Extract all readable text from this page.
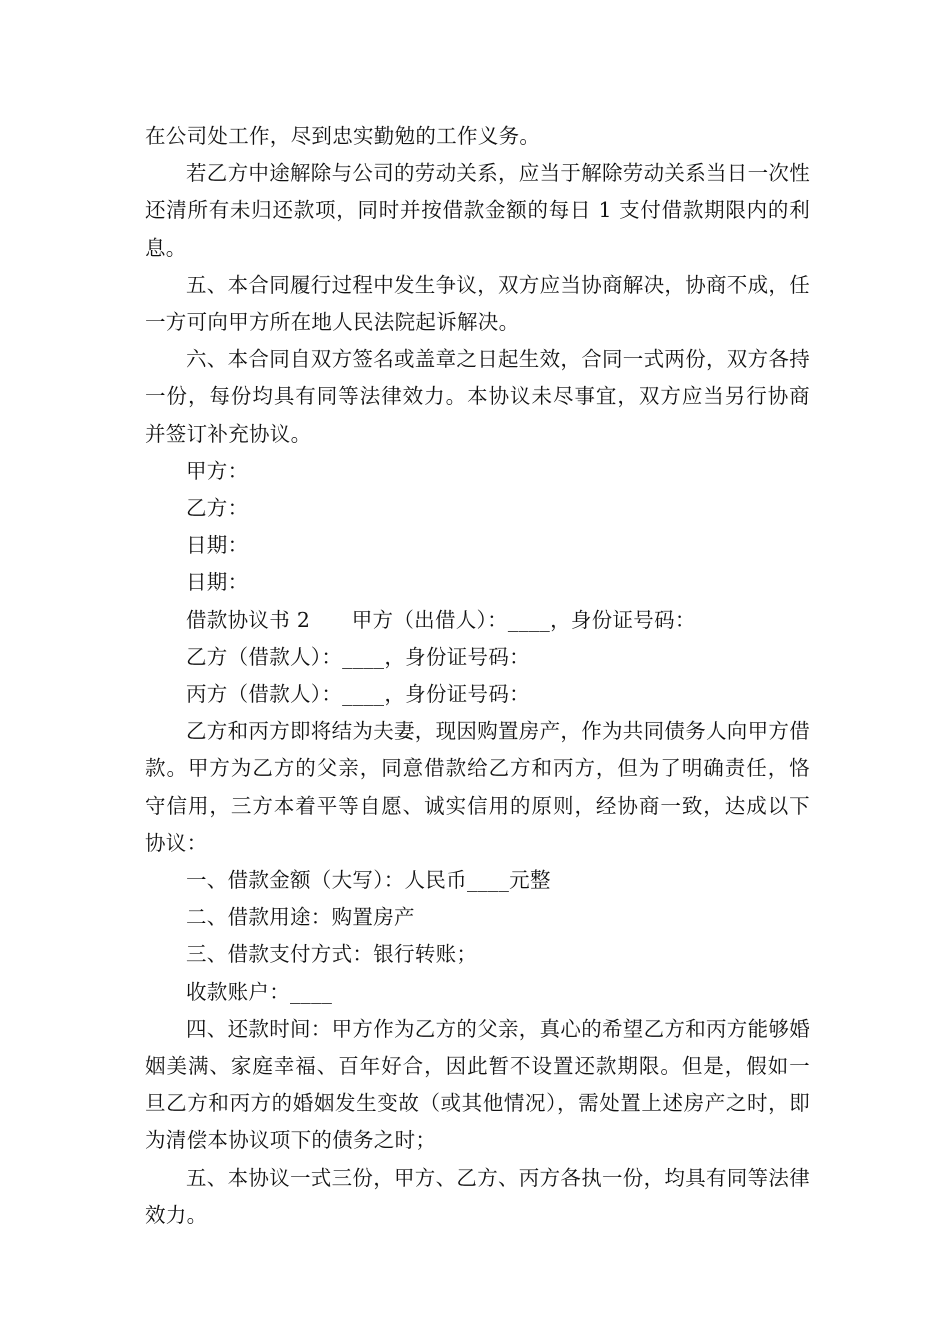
在公司处工作，尽到忠实勤勉的工作义务。

若乙方中途解除与公司的劳动关系，应当于解除劳动关系当日一次性还清所有未归还款项，同时并按借款金额的每日 1 支付借款期限内的利息。

五、本合同履行过程中发生争议，双方应当协商解决，协商不成，任一方可向甲方所在地人民法院起诉解决。

六、本合同自双方签名或盖章之日起生效，合同一式两份，双方各持一份，每份均具有同等法律效力。本协议未尽事宜，双方应当另行协商并签订补充协议。

甲方：

乙方：

日期：

日期：

借款协议书 2　　甲方（出借人）：____，身份证号码：

乙方（借款人）：____，身份证号码：

丙方（借款人）：____，身份证号码：

乙方和丙方即将结为夫妻，现因购置房产，作为共同债务人向甲方借款。甲方为乙方的父亲，同意借款给乙方和丙方，但为了明确责任，恪守信用，三方本着平等自愿、诚实信用的原则，经协商一致，达成以下协议：

一、借款金额（大写）：人民币____元整

二、借款用途：购置房产

三、借款支付方式：银行转账；

收款账户：____

四、还款时间：甲方作为乙方的父亲，真心的希望乙方和丙方能够婚姻美满、家庭幸福、百年好合，因此暂不设置还款期限。但是，假如一旦乙方和丙方的婚姻发生变故（或其他情况），需处置上述房产之时，即为清偿本协议项下的债务之时；

五、本协议一式三份，甲方、乙方、丙方各执一份，均具有同等法律效力。
